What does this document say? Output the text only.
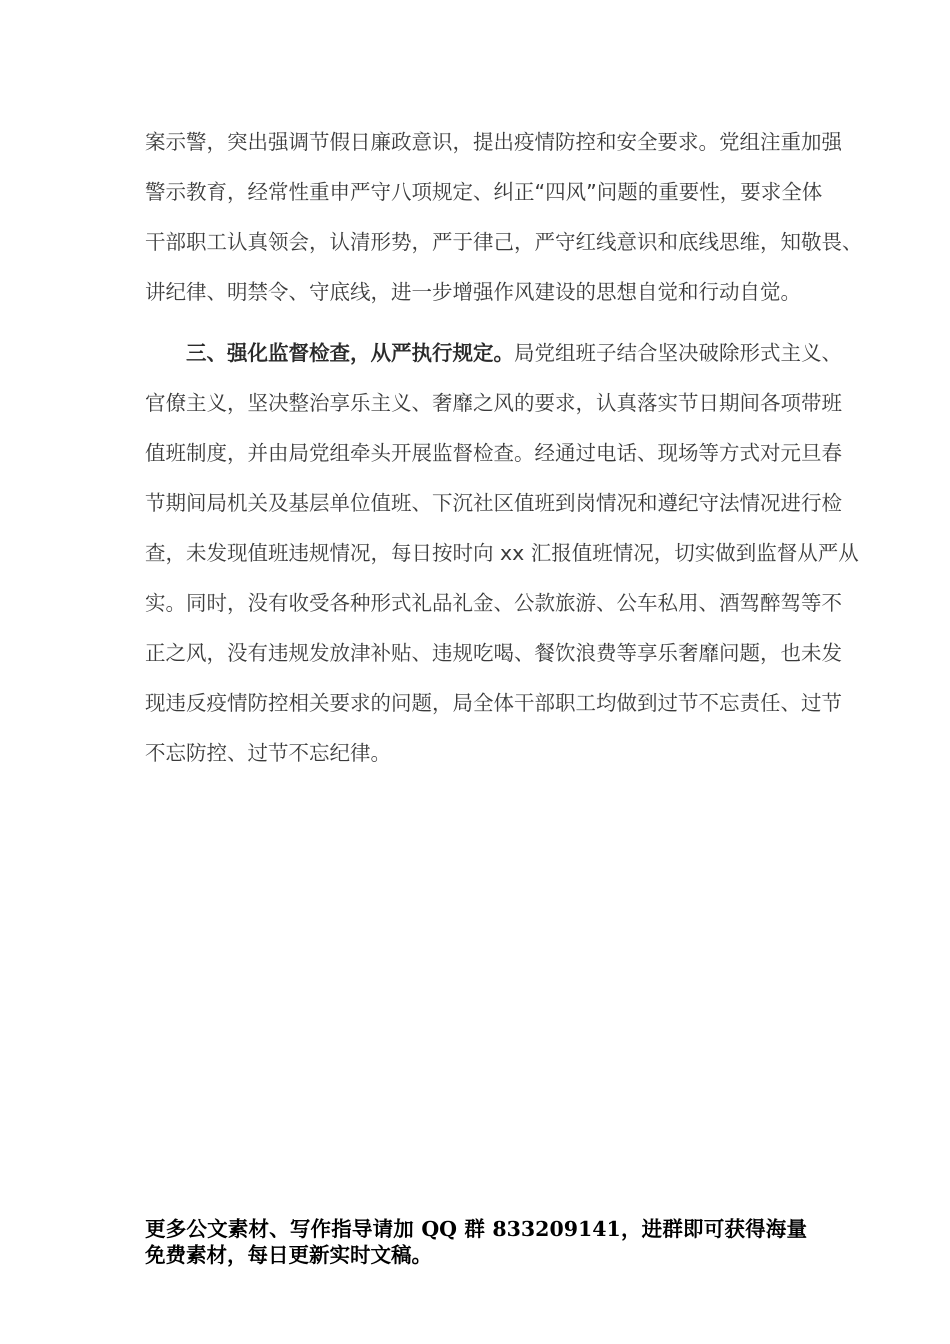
案示警，突出强调节假日廉政意识，提出疫情防控和安全要求。党组注重加强
警示教育，经常性重申严守八项规定、纠正“四风”问题的重要性，要求全体
干部职工认真领会，认清形势，严于律己，严守红线意识和底线思维，知敬畏、
讲纪律、明禁令、守底线，进一步增强作风建设的思想自觉和行动自觉。
三、强化监督检查，从严执行规定。局党组班子结合坚决破除形式主义、
官僚主义，坚决整治享乐主义、奢靡之风的要求，认真落实节日期间各项带班
值班制度，并由局党组牵头开展监督检查。经通过电话、现场等方式对元旦春
节期间局机关及基层单位值班、下沉社区值班到岗情况和遵纪守法情况进行检
查，未发现值班违规情况，每日按时向 xx 汇报值班情况，切实做到监督从严从
实。同时，没有收受各种形式礼品礼金、公款旅游、公车私用、酒驾醉驾等不
正之风，没有违规发放津补贴、违规吃喝、餐饮浪费等享乐奢靡问题，也未发
现违反疫情防控相关要求的问题，局全体干部职工均做到过节不忘责任、过节
不忘防控、过节不忘纪律。
更多公文素材、写作指导请加 QQ 群 833209141，进群即可获得海量
免费素材，每日更新实时文稿。
